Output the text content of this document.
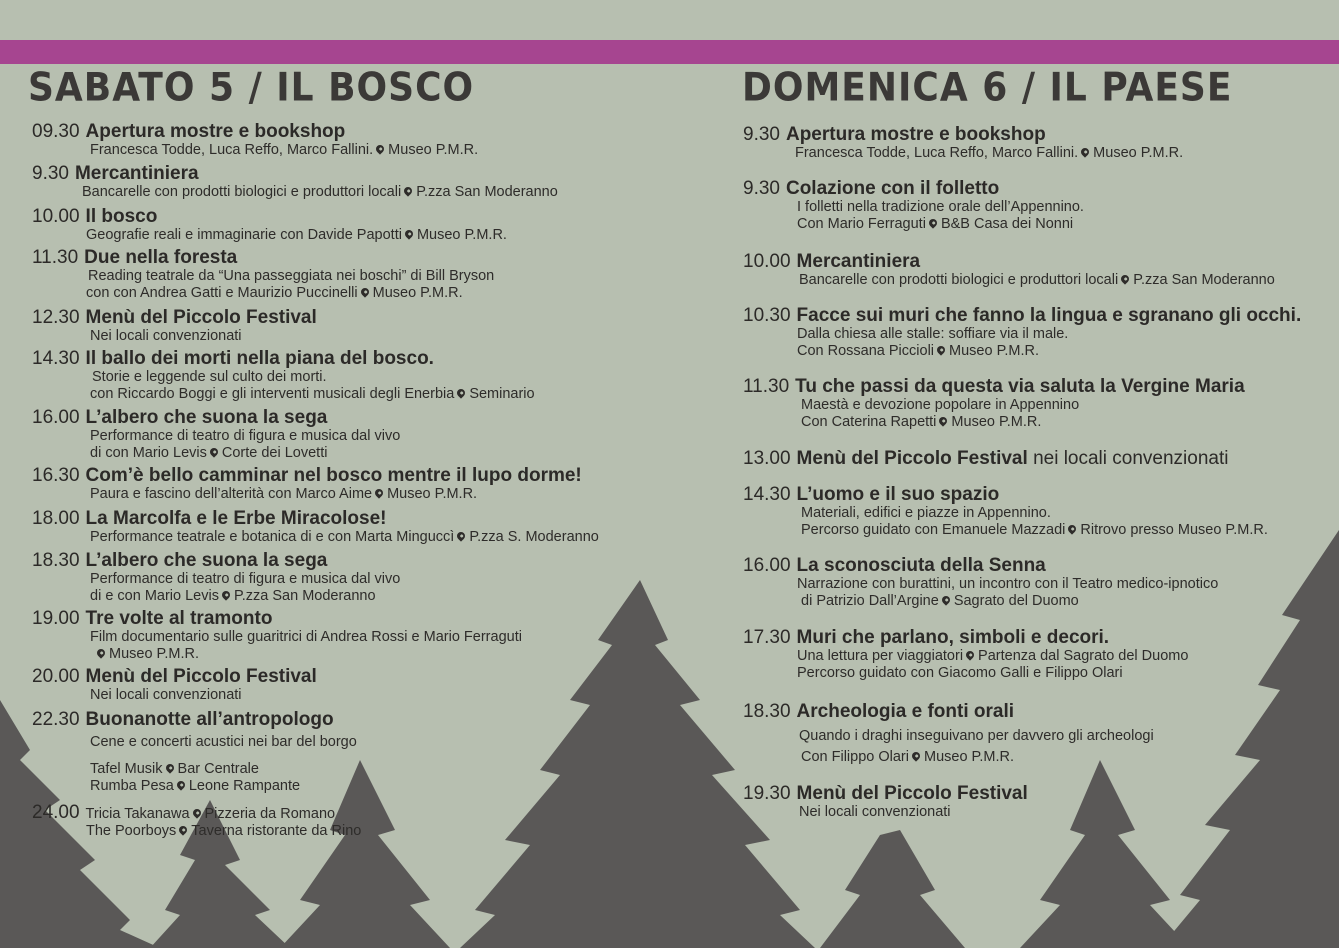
SABATO 5 / IL BOSCO	DOMENICA 6 / IL PAESE
09.30 Apertura mostre e bookshop
Francesca Todde, Luca Reffo, Marco Fallini. Museo P.M.R.
9.30 Mercantiniera
Bancarelle con prodotti biologici e produttori locali P.zza San Moderanno
10.00 Il bosco
Geografie reali e immaginarie con Davide Papotti Museo P.M.R.
11.30 Due nella foresta
Reading teatrale da “Una passeggiata nei boschi” di Bill Bryson
con con Andrea Gatti e Maurizio Puccinelli Museo P.M.R.
12.30 Menù del Piccolo Festival
Nei locali convenzionati
14.30 Il ballo dei morti nella piana del bosco.
Storie e leggende sul culto dei morti.
con Riccardo Boggi e gli interventi musicali degli Enerbia Seminario
16.00 L’albero che suona la sega
Performance di teatro di figura e musica dal vivo
di con Mario Levis Corte dei Lovetti
16.30 Com’è bello camminar nel bosco mentre il lupo dorme!
Paura e fascino dell’alterità con Marco Aime Museo P.M.R.
18.00 La Marcolfa e le Erbe Miracolose!
Performance teatrale e botanica di e con Marta Minguccì P.zza S. Moderanno
18.30 L’albero che suona la sega
Performance di teatro di figura e musica dal vivo
di e con Mario Levis P.zza San Moderanno
19.00 Tre volte al tramonto
Film documentario sulle guaritrici di Andrea Rossi e Mario Ferraguti
Museo P.M.R.
20.00 Menù del Piccolo Festival
Nei locali convenzionati
22.30 Buonanotte all’antropologo
Cene e concerti acustici nei bar del borgo
Tafel Musik Bar Centrale
Rumba Pesa Leone Rampante
24.00 Tricia Takanawa Pizzeria da Romano
The Poorboys Taverna ristorante da Rino
9.30 Apertura mostre e bookshop
Francesca Todde, Luca Reffo, Marco Fallini. Museo P.M.R.
9.30 Colazione con il folletto
I folletti nella tradizione orale dell’Appennino.
Con Mario Ferraguti B&B Casa dei Nonni
10.00 Mercantiniera
Bancarelle con prodotti biologici e produttori locali P.zza San Moderanno
10.30 Facce sui muri che fanno la lingua e sgranano gli occhi.
Dalla chiesa alle stalle: soffiare via il male.
Con Rossana Piccioli Museo P.M.R.
11.30 Tu che passi da questa via saluta la Vergine Maria
Maestà e devozione popolare in Appennino
Con Caterina Rapetti Museo P.M.R.
13.00 Menù del Piccolo Festival nei locali convenzionati
14.30 L’uomo e il suo spazio
Materiali, edifici e piazze in Appennino.
Percorso guidato con Emanuele Mazzadi Ritrovo presso Museo P.M.R.
16.00 La sconosciuta della Senna
Narrazione con burattini, un incontro con il Teatro medico-ipnotico
di Patrizio Dall’Argine Sagrato del Duomo
17.30 Muri che parlano, simboli e decori.
Una lettura per viaggiatori Partenza dal Sagrato del Duomo
Percorso guidato con Giacomo Galli e Filippo Olari
18.30 Archeologia e fonti orali
Quando i draghi inseguivano per davvero gli archeologi
Con Filippo Olari Museo P.M.R.
19.30 Menù del Piccolo Festival
Nei locali convenzionati
